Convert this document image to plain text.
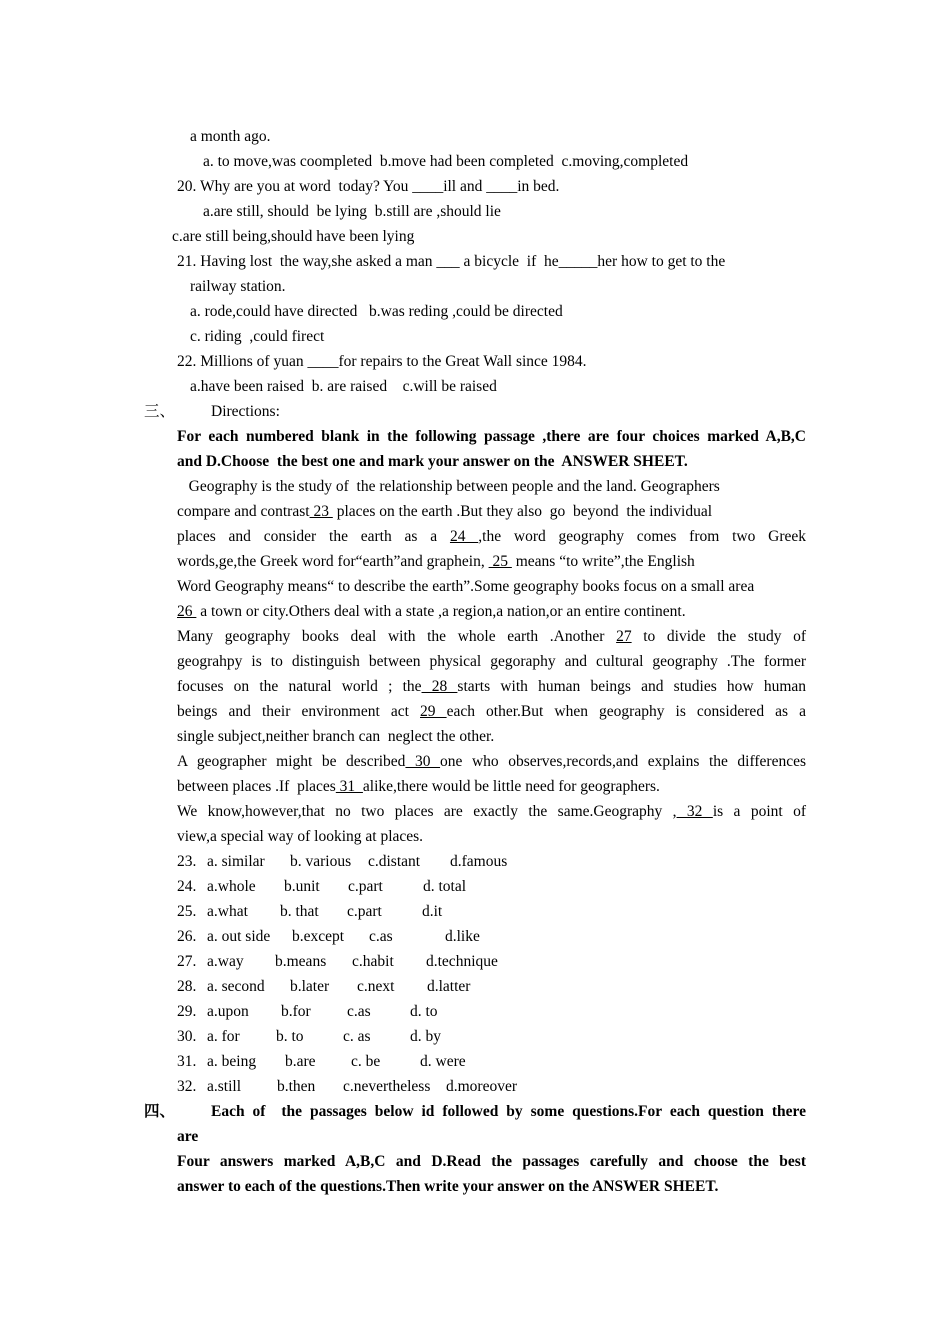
a month ago.
a. to move,was coompleted  b.move had been completed  c.moving,completed
20. Why are you at word  today? You ____ill and ____in bed.
a.are still, should  be lying  b.still are ,should lie
c.are still being,should have been lying
21. Having lost  the way,she asked a man ___ a bicycle  if  he_____her how to get to the
railway station.
a. rode,could have directed   b.was reding ,could be directed
c. riding  ,could firect
22. Millions of yuan ____for repairs to the Great Wall since 1984.
a.have been raised  b. are raised    c.will be raised
三、 Directions:
For each numbered blank in the following passage ,there are four choices marked A,B,C
and D.Choose  the best one and mark your answer on the  ANSWER SHEET.
Geography is the study of  the relationship between people and the land. Geographers
compare and contrast 23  places on the earth .But they also  go  beyond  the individual
places and consider the earth as a 24 ,the word geography comes from two Greek
words,ge,the Greek word for“earth”and graphein,  25  means “to write”,the English
Word Geography means“ to describe the earth”.Some geography books focus on a small area
26  a town or city.Others deal with a state ,a region,a nation,or an entire continent.
Many geography books deal with the whole earth .Another 27 to divide the study of
geograhpy is to distinguish between physical gegoraphy and cultural geography .The former
focuses on the natural world ; the 28 starts with human beings and studies how human
beings and their environment act 29 each other.But when geography is considered as a
single subject,neither branch can  neglect the other.
A geographer might be described 30 one who observes,records,and explains the differences
between places .If  places 31  alike,there would be little need for geographers.
We know,however,that no two places are exactly the same.Geography , 32 is a point of
view,a special way of looking at places.
23. a. similar b. various c.distant d.famous
24. a.whole b.unit c.part	d. total
25. a.what b. that c.part	d.it
26. a. out side b.except c.as	d.like
27. a.way b.means c.habit d.technique
28. a. second b.later c.next d.latter
29. a.upon b.for c.as	d. to
30. a. for b. to	c. as	d. by
31. a. being b.are c. be	d. were
32. a.still b.then c.nevertheless d.moreover
四、 Each of  the passages below id followed by some questions.For each question there
are
Four answers marked A,B,C and D.Read the passages carefully and choose the best
answer to each of the questions.Then write your answer on the ANSWER SHEET.
